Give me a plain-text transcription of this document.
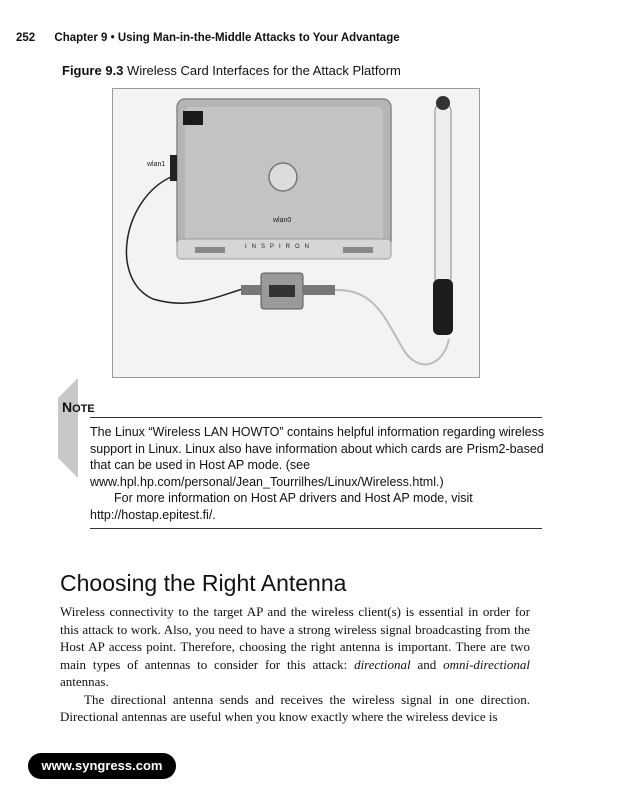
252 Chapter 9 • Using Man-in-the-Middle Attacks to Your Advantage
Figure 9.3 Wireless Card Interfaces for the Attack Platform
wlan1
wlan0
INSPIRON
NOTE

The Linux “Wireless LAN HOWTO” contains helpful information regarding wireless support in Linux. Linux also have information about which cards are Prism2-based that can be used in Host AP mode. (see www.hpl.hp.com/personal/Jean_Tourrilhes/Linux/Wireless.html.)

For more information on Host AP drivers and Host AP mode, visit http://hostap.epitest.fi/.

Choosing the Right Antenna

Wireless connectivity to the target AP and the wireless client(s) is essential in order for this attack to work. Also, you need to have a strong wireless signal broadcasting from the Host AP access point. Therefore, choosing the right antenna is important. There are two main types of antennas to consider for this attack: directional and omni-directional antennas.

The directional antenna sends and receives the wireless signal in one direction. Directional antennas are useful when you know exactly where the wireless device is

www.syngress.com
